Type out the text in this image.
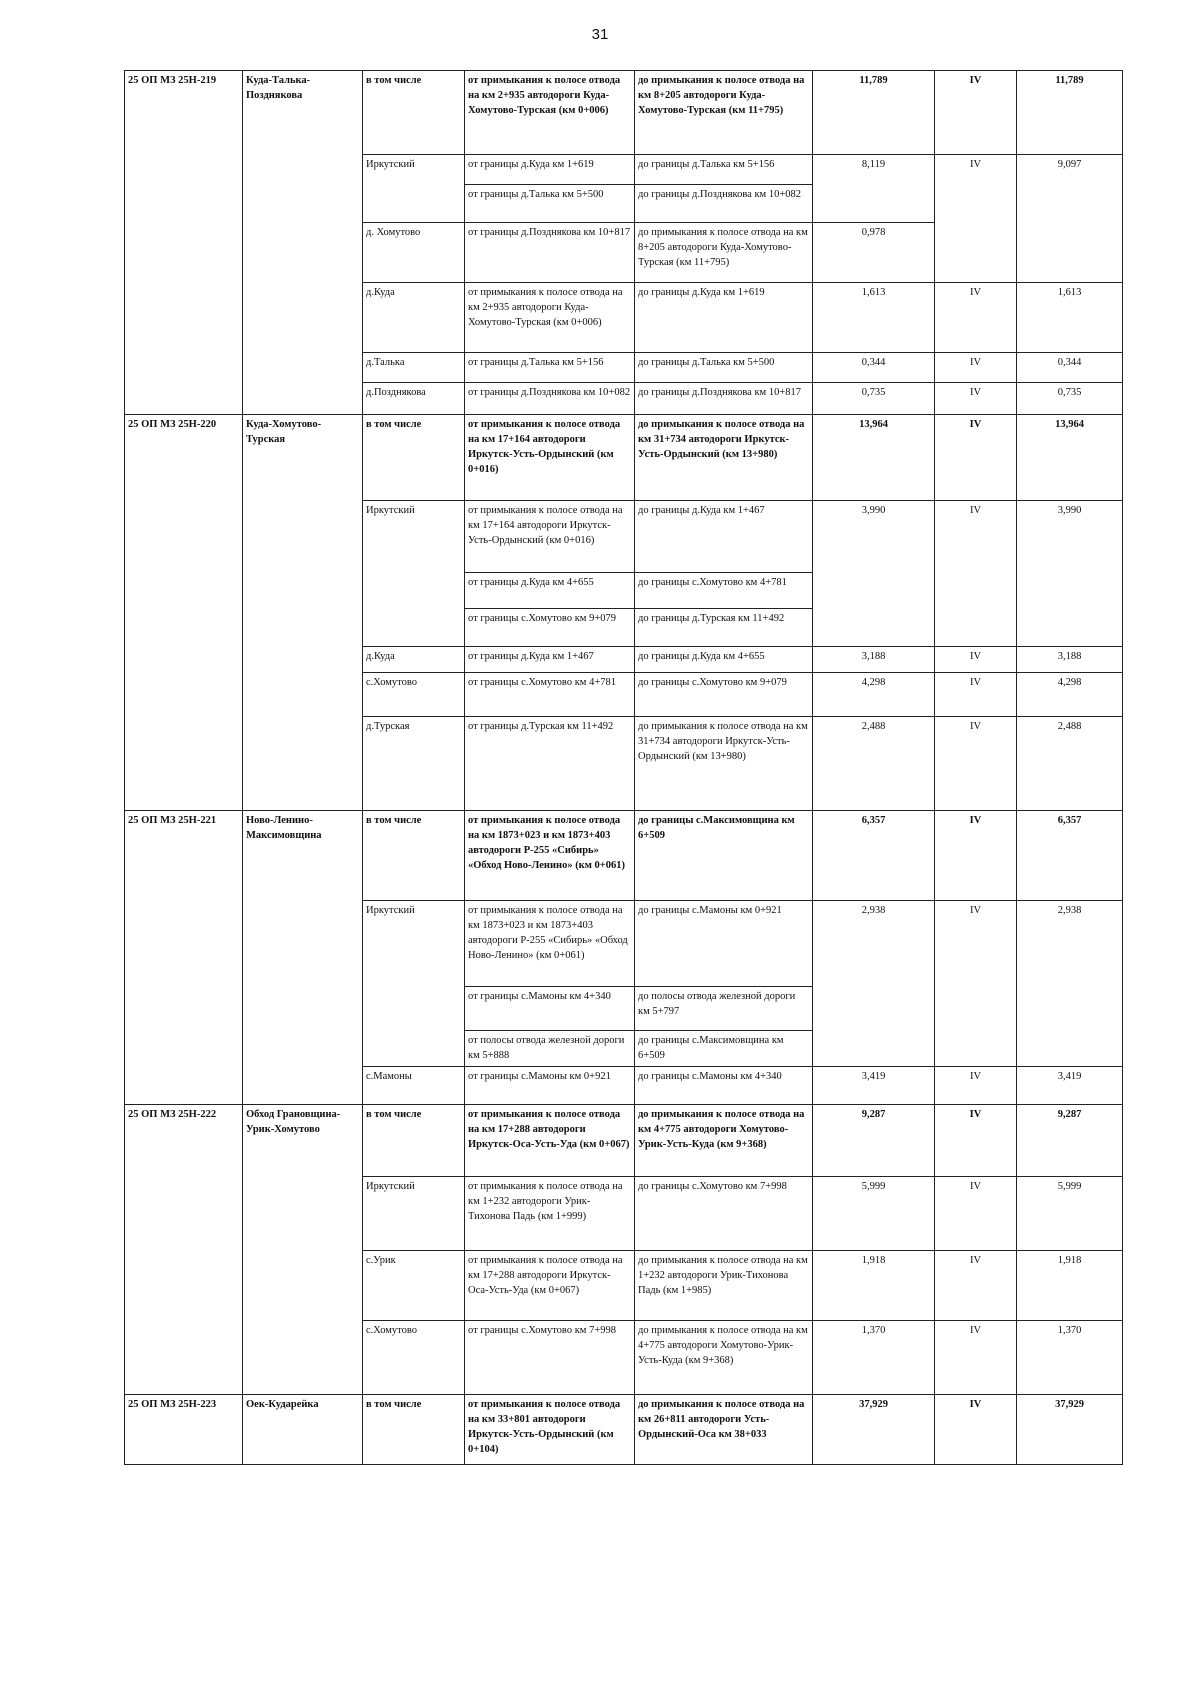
31
25 ОП МЗ 25Н-219	Куда-Талька-Позднякова	в том числе	от примыкания к полосе отвода на км 2+935 автодороги Куда-Хомутово-Турская (км 0+006)	до примыкания к полосе отвода на км 8+205 автодороги Куда-Хомутово-Турская (км 11+795)	11,789	IV	11,789
		Иркутский	от границы д.Куда км 1+619	до границы д.Талька км 5+156	8,119	IV	9,097
			от границы д.Талька км 5+500	до границы д.Позднякова км 10+082			
		д. Хомутово	от границы д.Позднякова км 10+817	до примыкания к полосе отвода на км 8+205 автодороги Куда-Хомутово-Турская (км 11+795)	0,978		
		д.Куда	от примыкания к полосе отвода на км 2+935 автодороги Куда-Хомутово-Турская (км 0+006)	до границы д.Куда км 1+619	1,613	IV	1,613
		д.Талька	от границы д.Талька км 5+156	до границы д.Талька км 5+500	0,344	IV	0,344
		д.Позднякова	от границы д.Позднякова км 10+082	до границы д.Позднякова км 10+817	0,735	IV	0,735
25 ОП МЗ 25Н-220	Куда-Хомутово-Турская	в том числе	от примыкания к полосе отвода на км 17+164 автодороги Иркутск-Усть-Ордынский (км 0+016)	до примыкания к полосе отвода на км 31+734 автодороги Иркутск-Усть-Ордынский (км 13+980)	13,964	IV	13,964
		Иркутский	от примыкания к полосе отвода на км 17+164 автодороги Иркутск-Усть-Ордынский (км 0+016)	до границы д.Куда км 1+467	3,990	IV	3,990
			от границы д.Куда км 4+655	до границы с.Хомутово км 4+781			
			от границы с.Хомутово км 9+079	до границы д.Турская км 11+492			
		д.Куда	от границы д.Куда км 1+467	до границы д.Куда км 4+655	3,188	IV	3,188
		с.Хомутово	от границы с.Хомутово км 4+781	до границы с.Хомутово км 9+079	4,298	IV	4,298
		д.Турская	от границы д.Турская км 11+492	до примыкания к полосе отвода на км 31+734 автодороги Иркутск-Усть-Ордынский (км 13+980)	2,488	IV	2,488
25 ОП МЗ 25Н-221	Ново-Ленино-Максимовщина	в том числе	от примыкания к полосе отвода на км 1873+023 и км 1873+403 автодороги Р-255 «Сибирь» «Обход Ново-Ленино» (км 0+061)	до границы с.Максимовщина км 6+509	6,357	IV	6,357
		Иркутский	от примыкания к полосе отвода на км 1873+023 и км 1873+403 автодороги Р-255 «Сибирь» «Обход Ново-Ленино» (км 0+061)	до границы с.Мамоны км 0+921	2,938	IV	2,938
			от границы с.Мамоны км 4+340	до полосы отвода железной дороги км 5+797			
			от полосы отвода железной дороги км 5+888	до границы с.Максимовщина км 6+509			
		с.Мамоны	от границы с.Мамоны км 0+921	до границы с.Мамоны км 4+340	3,419	IV	3,419
25 ОП МЗ 25Н-222	Обход Грановщина-Урик-Хомутово	в том числе	от примыкания к полосе отвода на км 17+288 автодороги Иркутск-Оса-Усть-Уда (км 0+067)	до примыкания к полосе отвода на км 4+775 автодороги Хомутово-Урик-Усть-Куда (км 9+368)	9,287	IV	9,287
		Иркутский	от примыкания к полосе отвода на км 1+232 автодороги Урик-Тихонова Падь (км 1+999)	до границы с.Хомутово км 7+998	5,999	IV	5,999
		с.Урик	от примыкания к полосе отвода на км 17+288 автодороги Иркутск-Оса-Усть-Уда (км 0+067)	до примыкания к полосе отвода на км 1+232 автодороги Урик-Тихонова Падь (км 1+985)	1,918	IV	1,918
		с.Хомутово	от границы с.Хомутово км 7+998	до примыкания к полосе отвода на км 4+775 автодороги Хомутово-Урик-Усть-Куда (км 9+368)	1,370	IV	1,370
25 ОП МЗ 25Н-223	Оек-Кударейка	в том числе	от примыкания к полосе отвода на км 33+801 автодороги Иркутск-Усть-Ордынский (км 0+104)	до примыкания к полосе отвода на км 26+811 автодороги Усть-Ордынский-Оса км 38+033	37,929	IV	37,929
